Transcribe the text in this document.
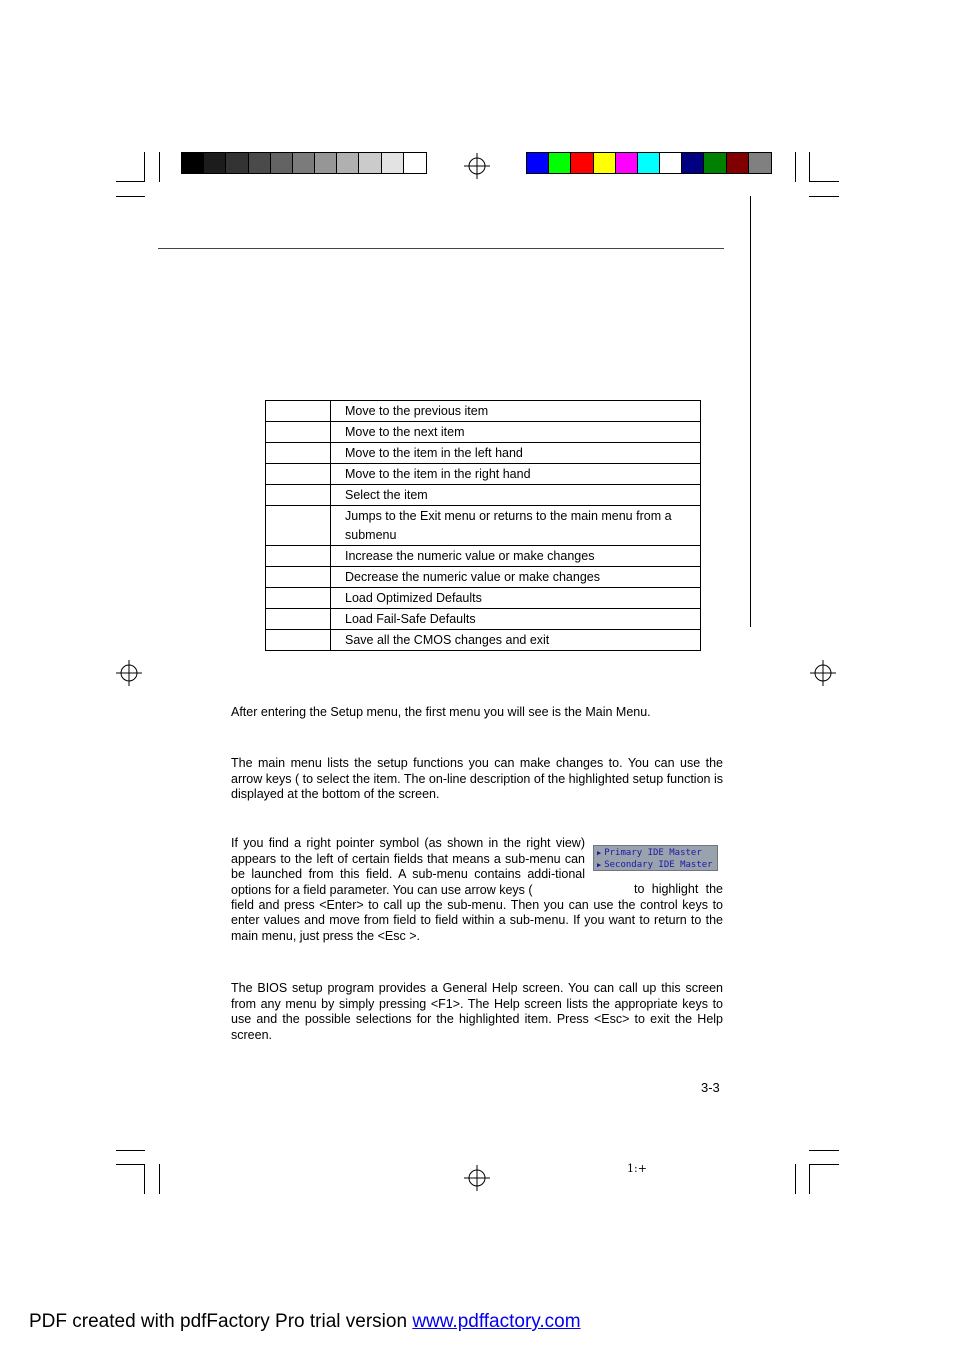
	Move to the previous item
	Move to the next item
	Move to the item in the left hand
	Move to the item in the right hand
	Select the item
	Jumps to the Exit menu or returns to the main menu from a submenu
	Increase the numeric value or make changes
	Decrease the numeric value or make changes
	Load Optimized Defaults
	Load Fail-Safe Defaults
	Save all the CMOS changes and exit
After entering the Setup menu, the first menu you will see is the Main Menu.
The main menu lists the setup functions you can make changes to. You can use the arrow keys ( to select the item. The on-line description of the highlighted setup function is displayed at the bottom of the screen.
If you find a right pointer symbol (as shown in the right view) appears to the left of certain fields that means a sub-menu can be launched from this field. A sub-menu contains addi-tional options for a field parameter. You can use arrow keys (	to highlight the field and press <Enter> to call up the sub-menu. Then you can use the control keys to enter values and move from field to field within a sub-menu. If you want to return to the main menu, just press the <Esc >.
▶ Primary IDE Master
▶ Secondary IDE Master
The BIOS setup program provides a General Help screen. You can call up this screen from any menu by simply pressing <F1>. The Help screen lists the appropriate keys to use and the possible selections for the highlighted item. Press <Esc> to exit the Help screen.
3-3
1:+
PDF created with pdfFactory Pro trial version www.pdffactory.com
